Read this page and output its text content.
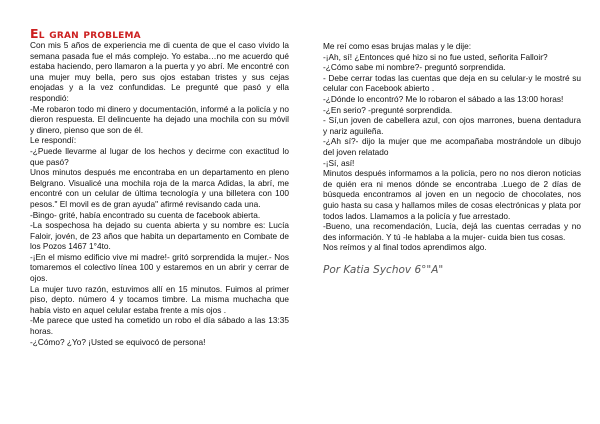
El gran problema

Con mis 5 años de experiencia me di cuenta de que el caso vivido la semana pasada fue el más complejo. Yo estaba…no me acuerdo qué estaba haciendo, pero llamaron a la puerta y yo abrí. Me encontré con una mujer muy bella, pero sus ojos estaban tristes y sus cejas enojadas y a la vez confundidas. Le pregunté que pasó y ella respondió:

-Me robaron todo mi dinero y documentación, informé a la policía y no dieron respuesta. El delincuente ha dejado una mochila con su móvil y dinero, pienso que son de él.

Le respondí:

-¿Puede llevarme al lugar de los hechos y decirme con exactitud lo que pasó?

Unos minutos después me encontraba en un departamento en pleno Belgrano. Visualicé una mochila roja de la marca Adidas, la abrí, me encontré con un celular de última tecnología y una billetera con 100 pesos." El movil es de gran ayuda" afirmé revisando cada una.

-Bingo- grité, había encontrado su cuenta de facebook abierta.

-La sospechosa ha dejado su cuenta abierta y su nombre es: Lucía Faloir, jovén, de 23 años que habita un departamento en Combate de los Pozos 1467 1°4to.

-¡En el mismo edificio vive mi madre!- gritó sorprendida la mujer.- Nos tomaremos el colectivo línea 100 y estaremos en un abrir y cerrar de ojos.

La mujer tuvo razón, estuvimos allí en 15 minutos. Fuimos al primer piso, depto. número 4 y tocamos timbre. La misma muchacha que había visto en aquel celular estaba frente a mis ojos .

-Me parece que usted ha cometido un robo el día sábado a las 13:35 horas.

-¿Cómo? ¿Yo? ¡Usted se equivocó de persona!

Me reí como esas brujas malas y le dije:

-¡Ah, sí! ¿Entonces qué hizo si no fue usted, señorita Falloir?

-¿Cómo sabe mi nombre?- preguntó sorprendida.

- Debe cerrar todas las cuentas que deja en su celular-y le mostré su celular con Facebook abierto .

-¿Dónde lo encontró? Me lo robaron el sábado a las 13:00 horas!

-¿En serio? -pregunté sorprendida.

- Sí,un joven de cabellera azul, con ojos marrones, buena dentadura y nariz aguileña.

-¿Ah sí?- dijo la mujer que me acompañaba mostrándole un dibujo del joven relatado

-¡Sí, así!

Minutos después informamos a la policía, pero no nos dieron noticias de quién era ni menos dónde se encontraba .Luego de 2 días de búsqueda encontramos al joven en un negocio de chocolates, nos guio hasta su casa y hallamos miles de cosas electrónicas y plata por todos lados. Llamamos a la policía y fue arrestado.

-Bueno, una recomendación, Lucía, dejá las cuentas cerradas y no des información. Y tú -le hablaba a la mujer- cuida bien tus cosas.

Nos reímos y al final todos aprendimos algo.

Por Katia Sychov 6°"A"
